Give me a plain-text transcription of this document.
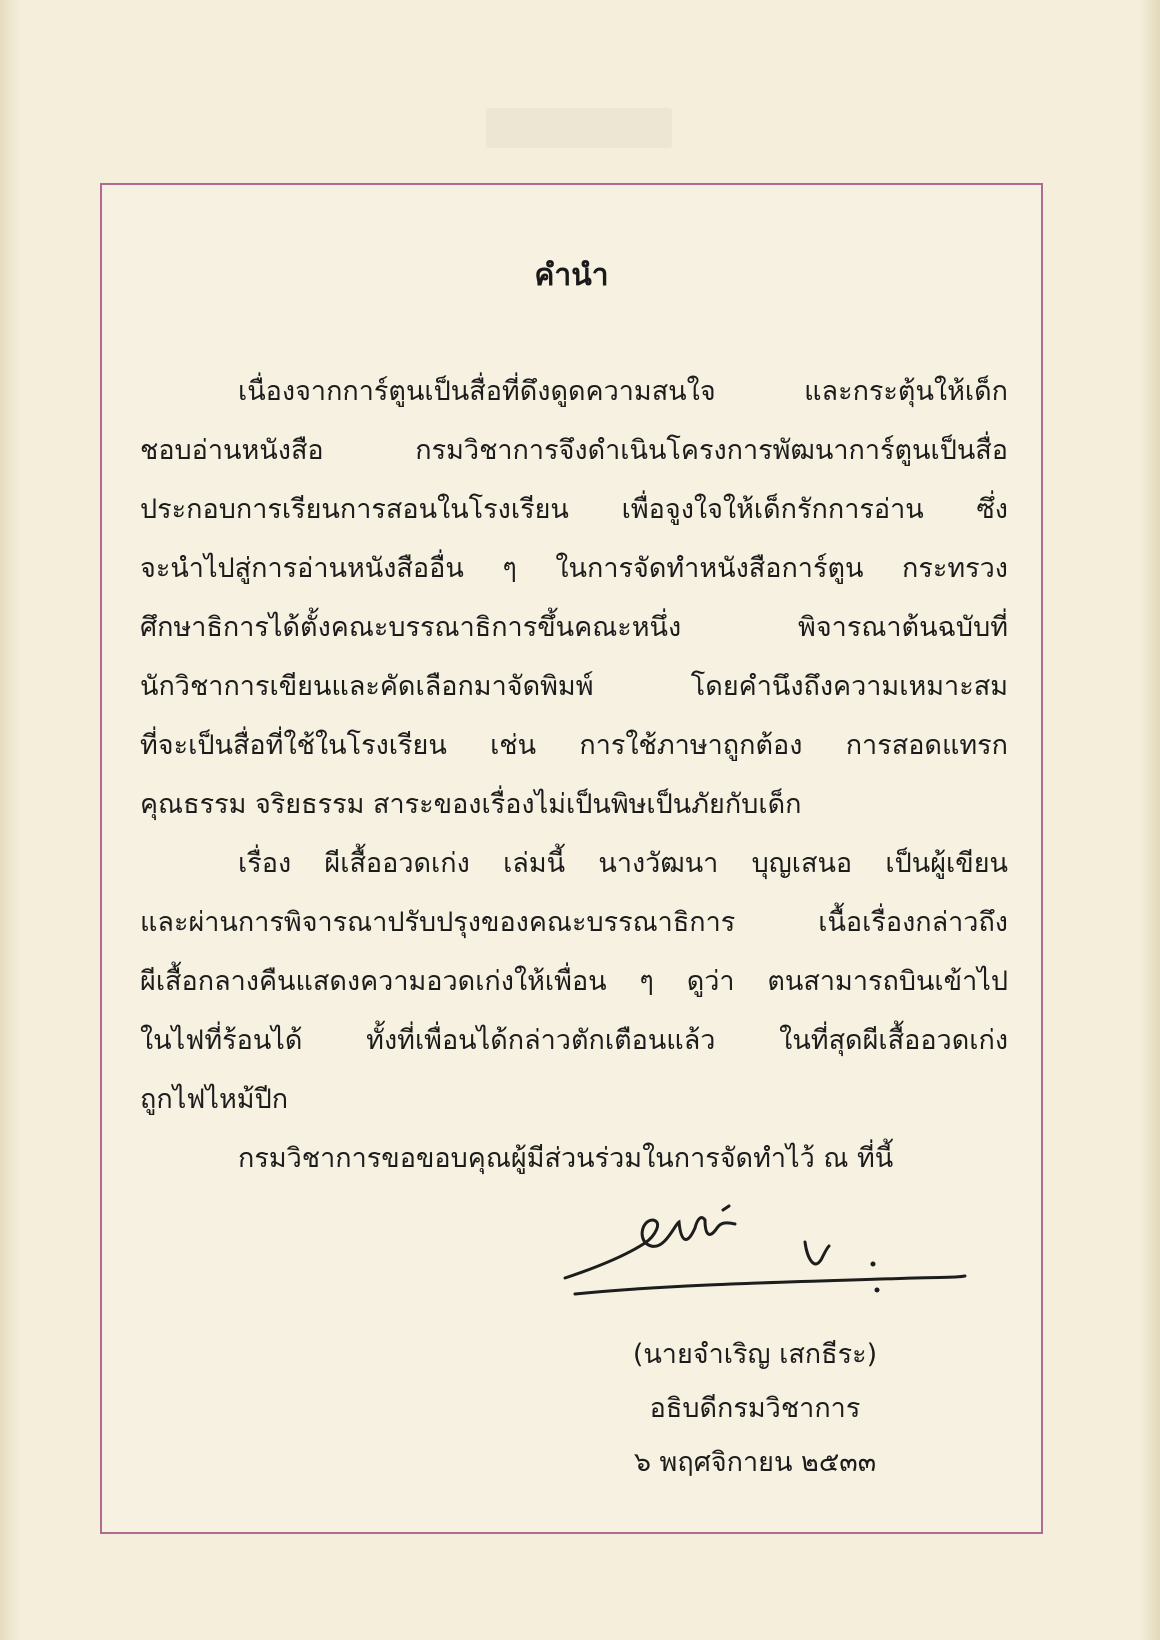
คำนำ
เนื่องจากการ์ตูนเป็นสื่อที่ดึงดูดความสนใจ และกระตุ้นให้เด็ก
ชอบอ่านหนังสือ กรมวิชาการจึงดำเนินโครงการพัฒนาการ์ตูนเป็นสื่อ
ประกอบการเรียนการสอนในโรงเรียน เพื่อจูงใจให้เด็กรักการอ่าน ซึ่ง
จะนำไปสู่การอ่านหนังสืออื่น ๆ ในการจัดทำหนังสือการ์ตูน กระทรวง
ศึกษาธิการได้ตั้งคณะบรรณาธิการขึ้นคณะหนึ่ง พิจารณาต้นฉบับที่
นักวิชาการเขียนและคัดเลือกมาจัดพิมพ์ โดยคำนึงถึงความเหมาะสม
ที่จะเป็นสื่อที่ใช้ในโรงเรียน เช่น การใช้ภาษาถูกต้อง การสอดแทรก
คุณธรรม จริยธรรม สาระของเรื่องไม่เป็นพิษเป็นภัยกับเด็ก
เรื่อง ผีเสื้ออวดเก่ง เล่มนี้ นางวัฒนา บุญเสนอ เป็นผู้เขียน
และผ่านการพิจารณาปรับปรุงของคณะบรรณาธิการ เนื้อเรื่องกล่าวถึง
ผีเสื้อกลางคืนแสดงความอวดเก่งให้เพื่อน ๆ ดูว่า ตนสามารถบินเข้าไป
ในไฟที่ร้อนได้ ทั้งที่เพื่อนได้กล่าวตักเตือนแล้ว ในที่สุดผีเสื้ออวดเก่ง
ถูกไฟไหม้ปีก
กรมวิชาการขอขอบคุณผู้มีส่วนร่วมในการจัดทำไว้ ณ ที่นี้
(นายจำเริญ เสกธีระ)
อธิบดีกรมวิชาการ
๖ พฤศจิกายน ๒๕๓๓
